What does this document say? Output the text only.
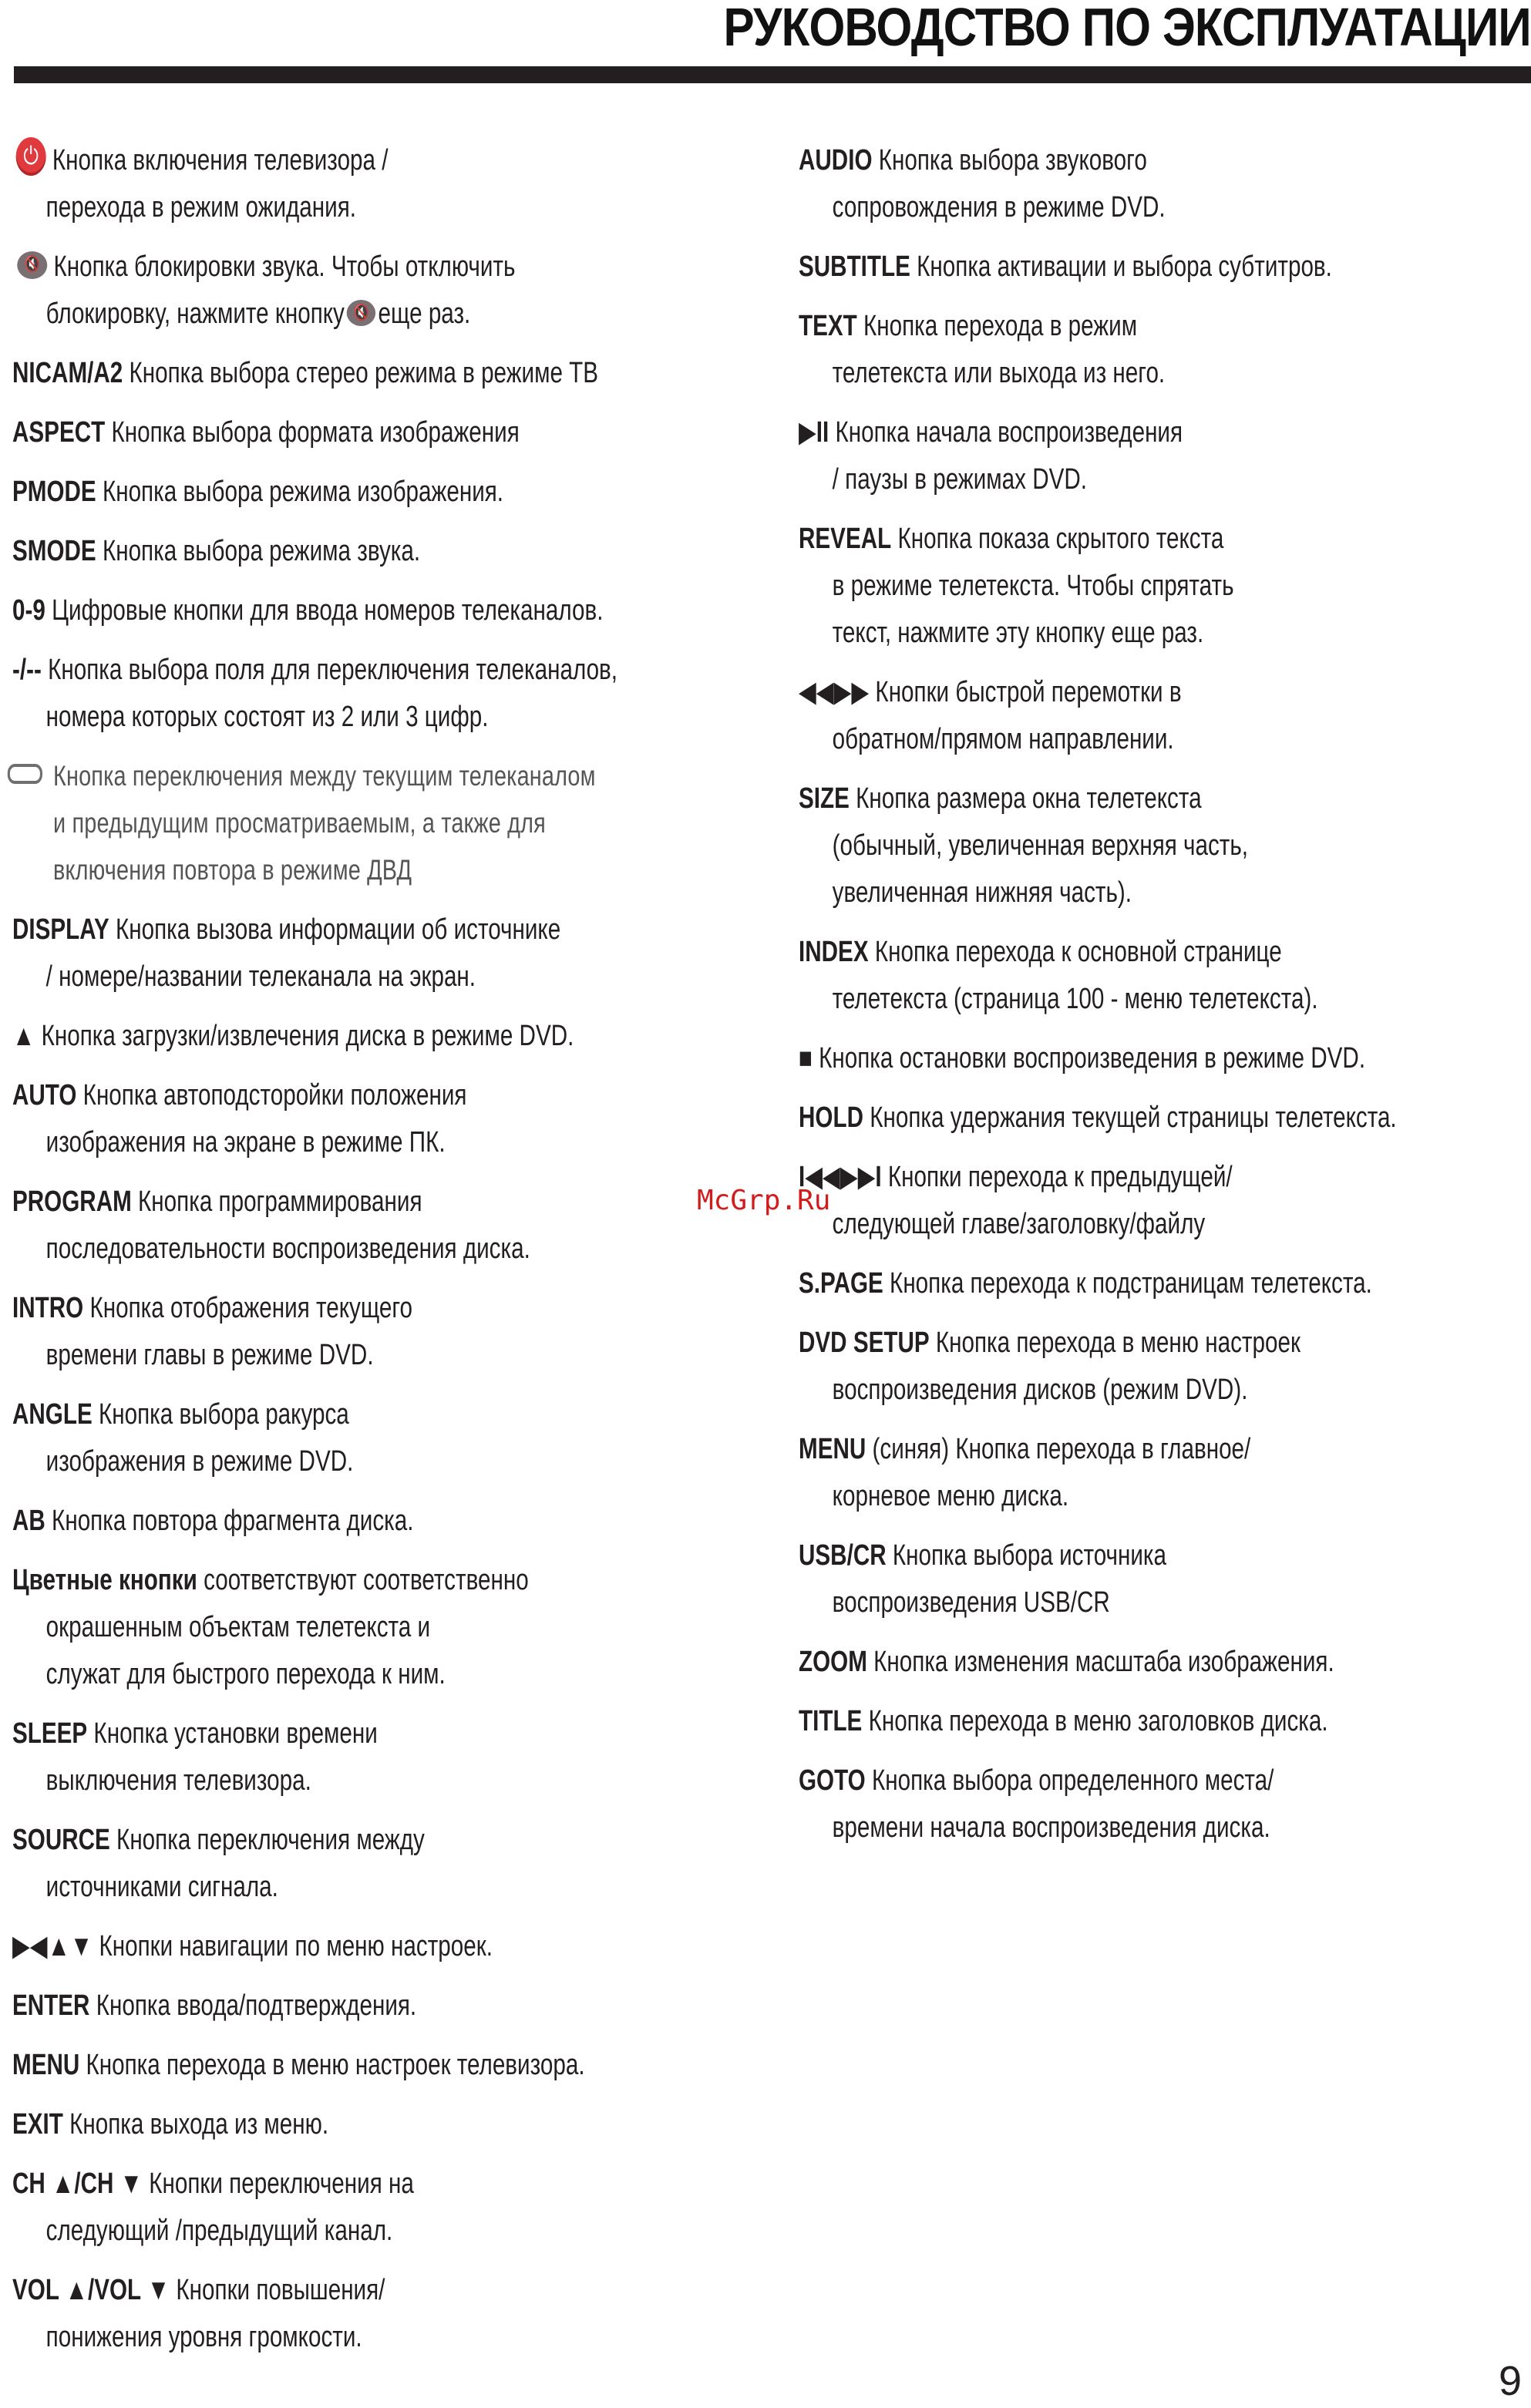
РУКОВОДСТВО ПО ЭКСПЛУАТАЦИИ
⏻ Кнопка включения телевизора /
перехода в режим ожидания.
🔇 Кнопка блокировки звука. Чтобы отключить
блокировку, нажмите кнопку🔇 еще раз.
NICAM/A2 Кнопка выбора стерео режима в режиме ТВ
ASPECT Кнопка выбора формата изображения
PMODE Кнопка выбора режима изображения.
SMODE Кнопка выбора режима звука.
0-9 Цифровые кнопки для ввода номеров телеканалов.
-/-- Кнопка выбора поля для переключения телеканалов,
номера которых состоят из 2 или 3 цифр.
Кнопка переключения между текущим телеканалом
и предыдущим просматриваемым, а также для
включения повтора в режиме ДВД
DISPLAY Кнопка вызова информации об источнике
/ номере/названии телеканала на экран.
▲ Кнопка загрузки/извлечения диска в режиме DVD.
AUTO Кнопка автоподсторойки положения
изображения на экране в режиме ПК.
PROGRAM Кнопка программирования
последовательности воспроизведения диска.
INTRO Кнопка отображения текущего
времени главы в режиме DVD.
ANGLE Кнопка выбора ракурса
изображения в режиме DVD.
AB Кнопка повтора фрагмента диска.
Цветные кнопки соответствуют соответственно
окрашенным объектам телетекста и
служат для быстрого перехода к ним.
SLEEP Кнопка установки времени
выключения телевизора.
SOURCE Кнопка переключения между
источниками сигнала.
▶◀▲▼ Кнопки навигации по меню настроек.
ENTER Кнопка ввода/подтверждения.
MENU Кнопка перехода в меню настроек телевизора.
EXIT Кнопка выхода из меню.
CH ▲/CH ▼ Кнопки переключения на
следующий /предыдущий канал.
VOL ▲/VOL ▼ Кнопки повышения/
понижения уровня громкости.
AUDIO Кнопка выбора звукового
сопровождения в режиме DVD.
SUBTITLE Кнопка активации и выбора субтитров.
TEXT Кнопка перехода в режим
телетекста или выхода из него.
▶II Кнопка начала воспроизведения
/ паузы в режимах DVD.
REVEAL Кнопка показа скрытого текста
в режиме телетекста. Чтобы спрятать
текст, нажмите эту кнопку еще раз.
◀◀▶▶ Кнопки быстрой перемотки в
обратном/прямом направлении.
SIZE Кнопка размера окна телетекста
(обычный, увеличенная верхняя часть,
увеличенная нижняя часть).
INDEX Кнопка перехода к основной странице
телетекста (страница 100 - меню телетекста).
■ Кнопка остановки воспроизведения в режиме DVD.
HOLD Кнопка удержания текущей страницы телетекста.
I◀◀▶▶I Кнопки перехода к предыдущей/
следующей главе/заголовку/файлу
S.PAGE Кнопка перехода к подстраницам телетекста.
DVD SETUP Кнопка перехода в меню настроек
воспроизведения дисков (режим DVD).
MENU (синяя) Кнопка перехода в главное/
корневое меню диска.
USB/CR Кнопка выбора источника
воспроизведения USB/CR
ZOOM Кнопка изменения масштаба изображения.
TITLE Кнопка перехода в меню заголовков диска.
GOTO Кнопка выбора определенного места/
времени начала воспроизведения диска.
McGrp.Ru
9
